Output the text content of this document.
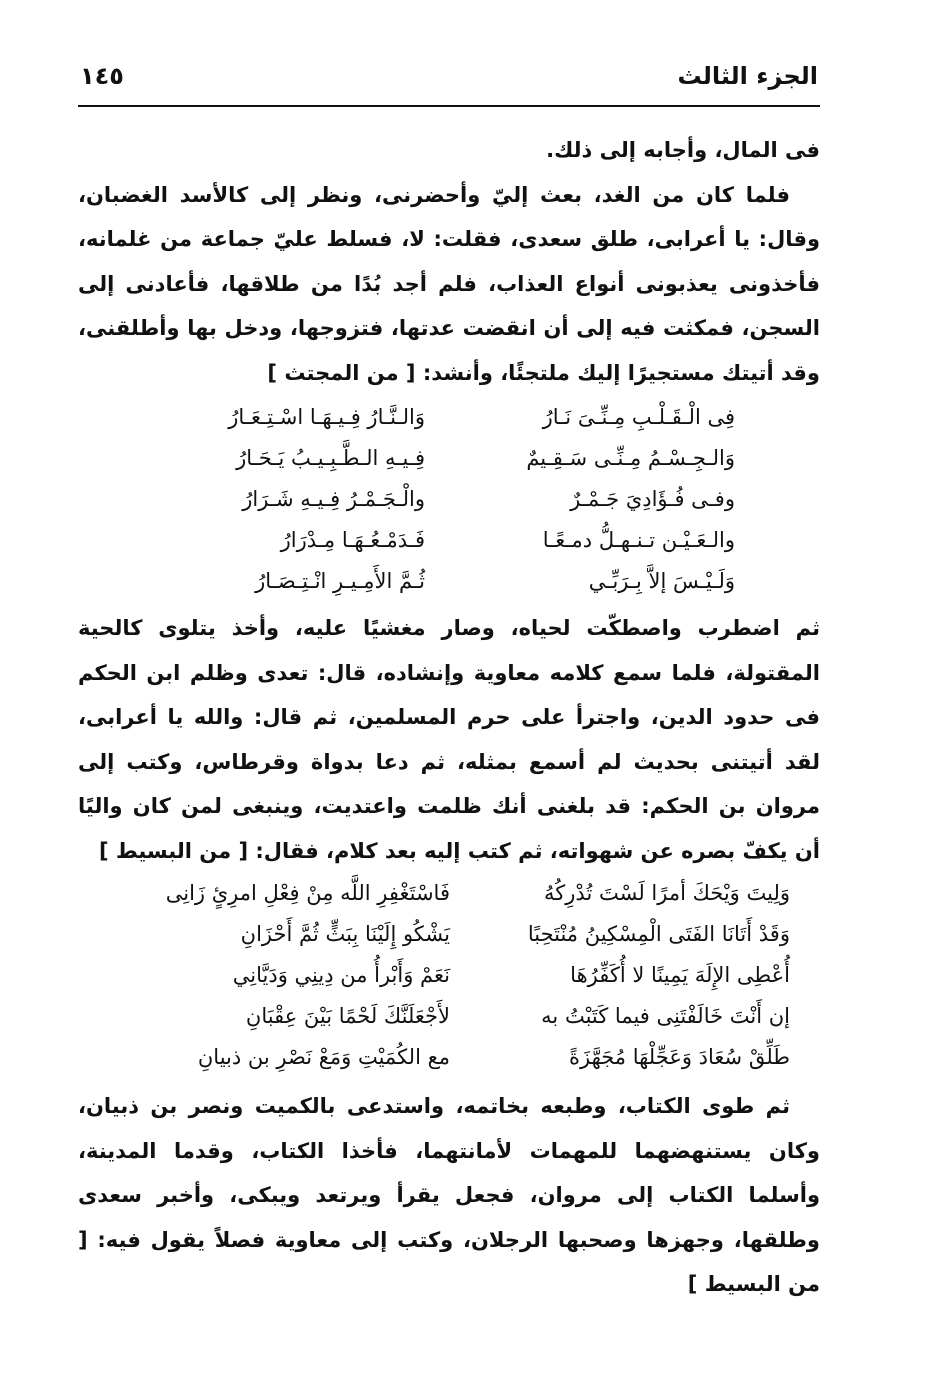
الجزء الثالث
١٤٥

فى المال، وأجابه إلى ذلك.

فلما كان من الغد، بعث إليّ وأحضرنى، ونظر إلى كالأسد الغضبان، وقال: يا أعرابى، طلق سعدى، فقلت: لا، فسلط عليّ جماعة من غلمانه، فأخذونى يعذبونى أنواع العذاب، فلم أجد بُدًا من طلاقها، فأعادنى إلى السجن، فمكثت فيه إلى أن انقضت عدتها، فتزوجها، ودخل بها وأطلقنى، وقد أتيتك مستجيرًا إليك ملتجئًا، وأنشد: [ من المجتث ]

فِى الْـقَـلْـبِ مِـنِّـىَ نَـارُ
وَالـنَّـارُ فِـيـهَـا اسْـتِـعَـارُ
وَالـجِـسْـمُ مِـنِّـى سَـقِـيمٌ
فِـيـهِ الـطَّـبِـيـبُ يَـحَـارُ
وفـى فُـؤَادِيَ جَـمْـرٌ
والْـجَـمْـرُ فِـيـهِ شَـرَارُ
والـعَـيْـن تـنـهـلُّ دمـعًـا
فَـدَمْـعُـهَـا مِـدْرَارُ
وَلَـيْـسَ إلاَّ بِـرَبِّـي
ثُـمَّ الأَمِـيـرِ انْـتِـصَـارُ

ثم اضطرب واصطكّت لحياه، وصار مغشيًا عليه، وأخذ يتلوى كالحية المقتولة، فلما سمع كلامه معاوية وإنشاده، قال: تعدى وظلم ابن الحكم فى حدود الدين، واجترأ على حرم المسلمين، ثم قال: والله يا أعرابى، لقد أتيتنى بحديث لم أسمع بمثله، ثم دعا بدواة وقرطاس، وكتب إلى مروان بن الحكم: قد بلغنى أنك ظلمت واعتديت، وينبغى لمن كان واليًا أن يكفّ بصره عن شهواته، ثم كتب إليه بعد كلام، فقال: [ من البسيط ]

وَلِيتَ وَيْحَكَ أمرًا لَسْتَ تُدْرِكُهُ
فَاسْتَغْفِرِ اللَّه مِنْ فِعْلِ امرِئٍ زَانِى
وَقَدْ أَتَانَا الفَتَى الْمِسْكِينُ مُنْتَحِبًا
يَشْكُو إِلَيْنَا بِبَثٍّ ثُمَّ أَحْزَانِ
أُعْطِى الإِلَهَ يَمِينًا لا أُكَفِّرُهَا
نَعَمْ وَأَبْرأُ من دِينِي وَدَيَّانِي
إن أَنْتَ خَالَفْتَنِى فيما كَتَبْتُ به
لأَجْعَلَنَّكَ لَحْمًا بَيْنَ عِقْبَانِ
طَلِّقْ سُعَادَ وَعَجِّلْهَا مُجَهَّزَةً
مع الكُمَيْتِ وَمَعْ نَصْرِ بن ذبيانِ

ثم طوى الكتاب، وطبعه بخاتمه، واستدعى بالكميت ونصر بن ذبيان، وكان يستنهضهما للمهمات لأمانتهما، فأخذا الكتاب، وقدما المدينة، وأسلما الكتاب إلى مروان، فجعل يقرأ ويرتعد ويبكى، وأخبر سعدى وطلقها، وجهزها وصحبها الرجلان، وكتب إلى معاوية فصلاً يقول فيه: [ من البسيط ]
